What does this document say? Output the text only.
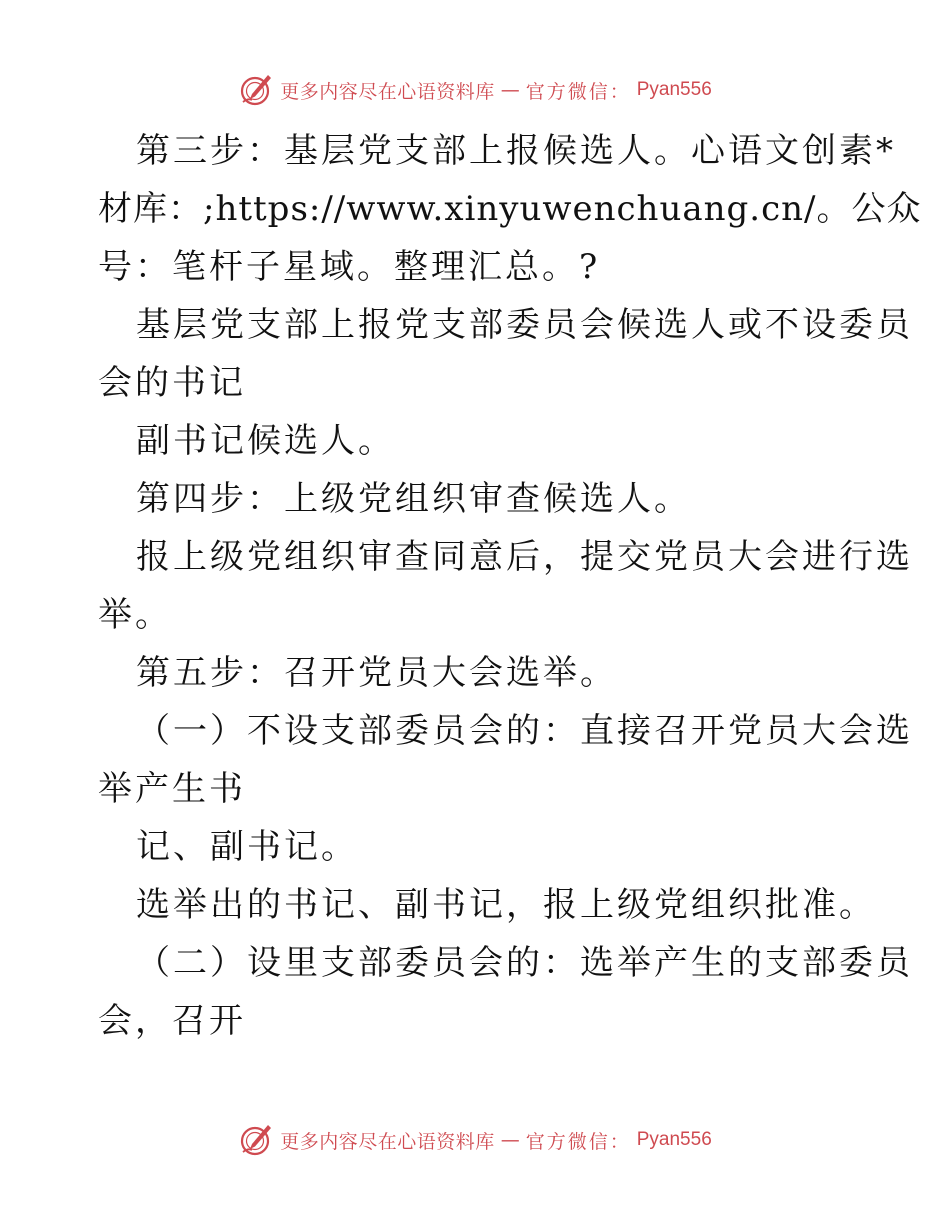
更多内容尽在心语资料库 — 官方微信： Pyan556
第三步：基层党支部上报候选人。心语文创素*
材库：;https://www.xinyuwenchuang.cn/。公众
号：笔杆子星域。整理汇总。?
基层党支部上报党支部委员会候选人或不设委员
会的书记
副书记候选人。
第四步：上级党组织审查候选人。
报上级党组织审查同意后，提交党员大会进行选
举。
第五步：召开党员大会选举。
（一）不设支部委员会的：直接召开党员大会选
举产生书
记、副书记。
选举出的书记、副书记，报上级党组织批准。
（二）设里支部委员会的：选举产生的支部委员
会，召开
更多内容尽在心语资料库 — 官方微信： Pyan556
